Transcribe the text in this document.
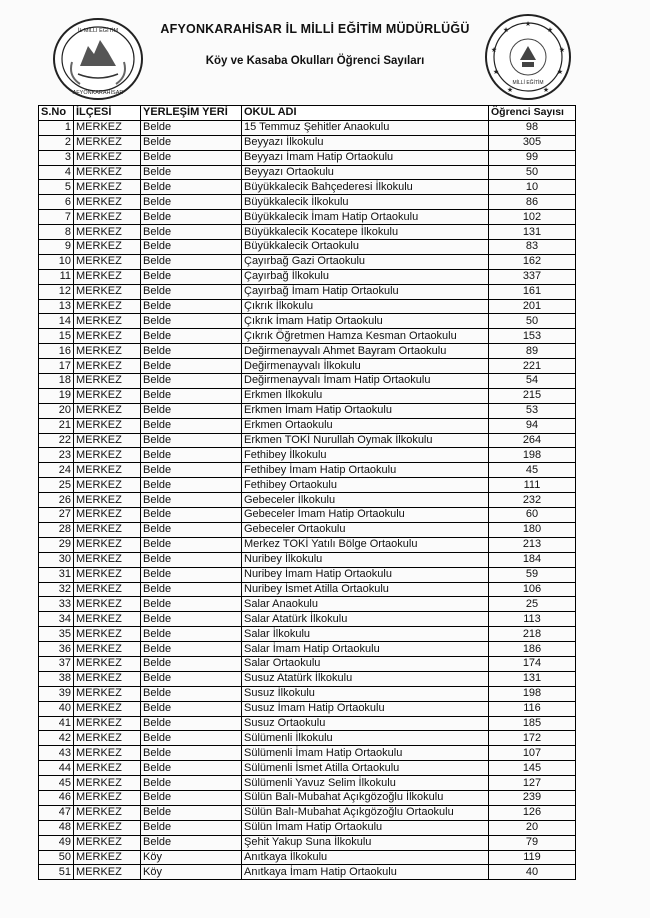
İL MİLLİ EĞİTİM
AFYONKARAHİSAR
★
★	★
★	★
★	★
★	★
MİLLİ EĞİTİM
AFYONKARAHİSAR İL MİLLİ EĞİTİM MÜDÜRLÜĞÜ
Köy ve Kasaba Okulları Öğrenci Sayıları
S.No	İLÇESİ	YERLEŞİM YERİ	OKUL ADI	Öğrenci Sayısı
1	MERKEZ	Belde	15 Temmuz Şehitler Anaokulu	98
2	MERKEZ	Belde	Beyyazı İlkokulu	305
3	MERKEZ	Belde	Beyyazı İmam Hatip Ortaokulu	99
4	MERKEZ	Belde	Beyyazı Ortaokulu	50
5	MERKEZ	Belde	Büyükkalecik Bahçederesi İlkokulu	10
6	MERKEZ	Belde	Büyükkalecik İlkokulu	86
7	MERKEZ	Belde	Büyükkalecik İmam Hatip Ortaokulu	102
8	MERKEZ	Belde	Büyükkalecik Kocatepe İlkokulu	131
9	MERKEZ	Belde	Büyükkalecik Ortaokulu	83
10	MERKEZ	Belde	Çayırbağ Gazi Ortaokulu	162
11	MERKEZ	Belde	Çayırbağ İlkokulu	337
12	MERKEZ	Belde	Çayırbağ İmam Hatip Ortaokulu	161
13	MERKEZ	Belde	Çıkrık İlkokulu	201
14	MERKEZ	Belde	Çıkrık İmam Hatip Ortaokulu	50
15	MERKEZ	Belde	Çıkrık Öğretmen Hamza Kesman Ortaokulu	153
16	MERKEZ	Belde	Değirmenayvalı Ahmet Bayram Ortaokulu	89
17	MERKEZ	Belde	Değirmenayvalı İlkokulu	221
18	MERKEZ	Belde	Değirmenayvalı İmam Hatip Ortaokulu	54
19	MERKEZ	Belde	Erkmen İlkokulu	215
20	MERKEZ	Belde	Erkmen İmam Hatip Ortaokulu	53
21	MERKEZ	Belde	Erkmen Ortaokulu	94
22	MERKEZ	Belde	Erkmen TOKİ Nurullah Oymak İlkokulu	264
23	MERKEZ	Belde	Fethibey İlkokulu	198
24	MERKEZ	Belde	Fethibey İmam Hatip Ortaokulu	45
25	MERKEZ	Belde	Fethibey Ortaokulu	111
26	MERKEZ	Belde	Gebeceler İlkokulu	232
27	MERKEZ	Belde	Gebeceler İmam Hatip Ortaokulu	60
28	MERKEZ	Belde	Gebeceler Ortaokulu	180
29	MERKEZ	Belde	Merkez TOKİ Yatılı Bölge Ortaokulu	213
30	MERKEZ	Belde	Nuribey İlkokulu	184
31	MERKEZ	Belde	Nuribey İmam Hatip Ortaokulu	59
32	MERKEZ	Belde	Nuribey İsmet Atilla Ortaokulu	106
33	MERKEZ	Belde	Salar Anaokulu	25
34	MERKEZ	Belde	Salar Atatürk İlkokulu	113
35	MERKEZ	Belde	Salar İlkokulu	218
36	MERKEZ	Belde	Salar İmam Hatip Ortaokulu	186
37	MERKEZ	Belde	Salar Ortaokulu	174
38	MERKEZ	Belde	Susuz Atatürk İlkokulu	131
39	MERKEZ	Belde	Susuz İlkokulu	198
40	MERKEZ	Belde	Susuz İmam Hatip Ortaokulu	116
41	MERKEZ	Belde	Susuz Ortaokulu	185
42	MERKEZ	Belde	Sülümenli İlkokulu	172
43	MERKEZ	Belde	Sülümenli İmam Hatip Ortaokulu	107
44	MERKEZ	Belde	Sülümenli İsmet Atilla Ortaokulu	145
45	MERKEZ	Belde	Sülümenli Yavuz Selim İlkokulu	127
46	MERKEZ	Belde	Sülün Balı-Mubahat Açıkgözoğlu İlkokulu	239
47	MERKEZ	Belde	Sülün Balı-Mubahat Açıkgözoğlu Ortaokulu	126
48	MERKEZ	Belde	Sülün İmam Hatip Ortaokulu	20
49	MERKEZ	Belde	Şehit Yakup Suna İlkokulu	79
50	MERKEZ	Köy	Anıtkaya İlkokulu	119
51	MERKEZ	Köy	Anıtkaya İmam Hatip Ortaokulu	40
